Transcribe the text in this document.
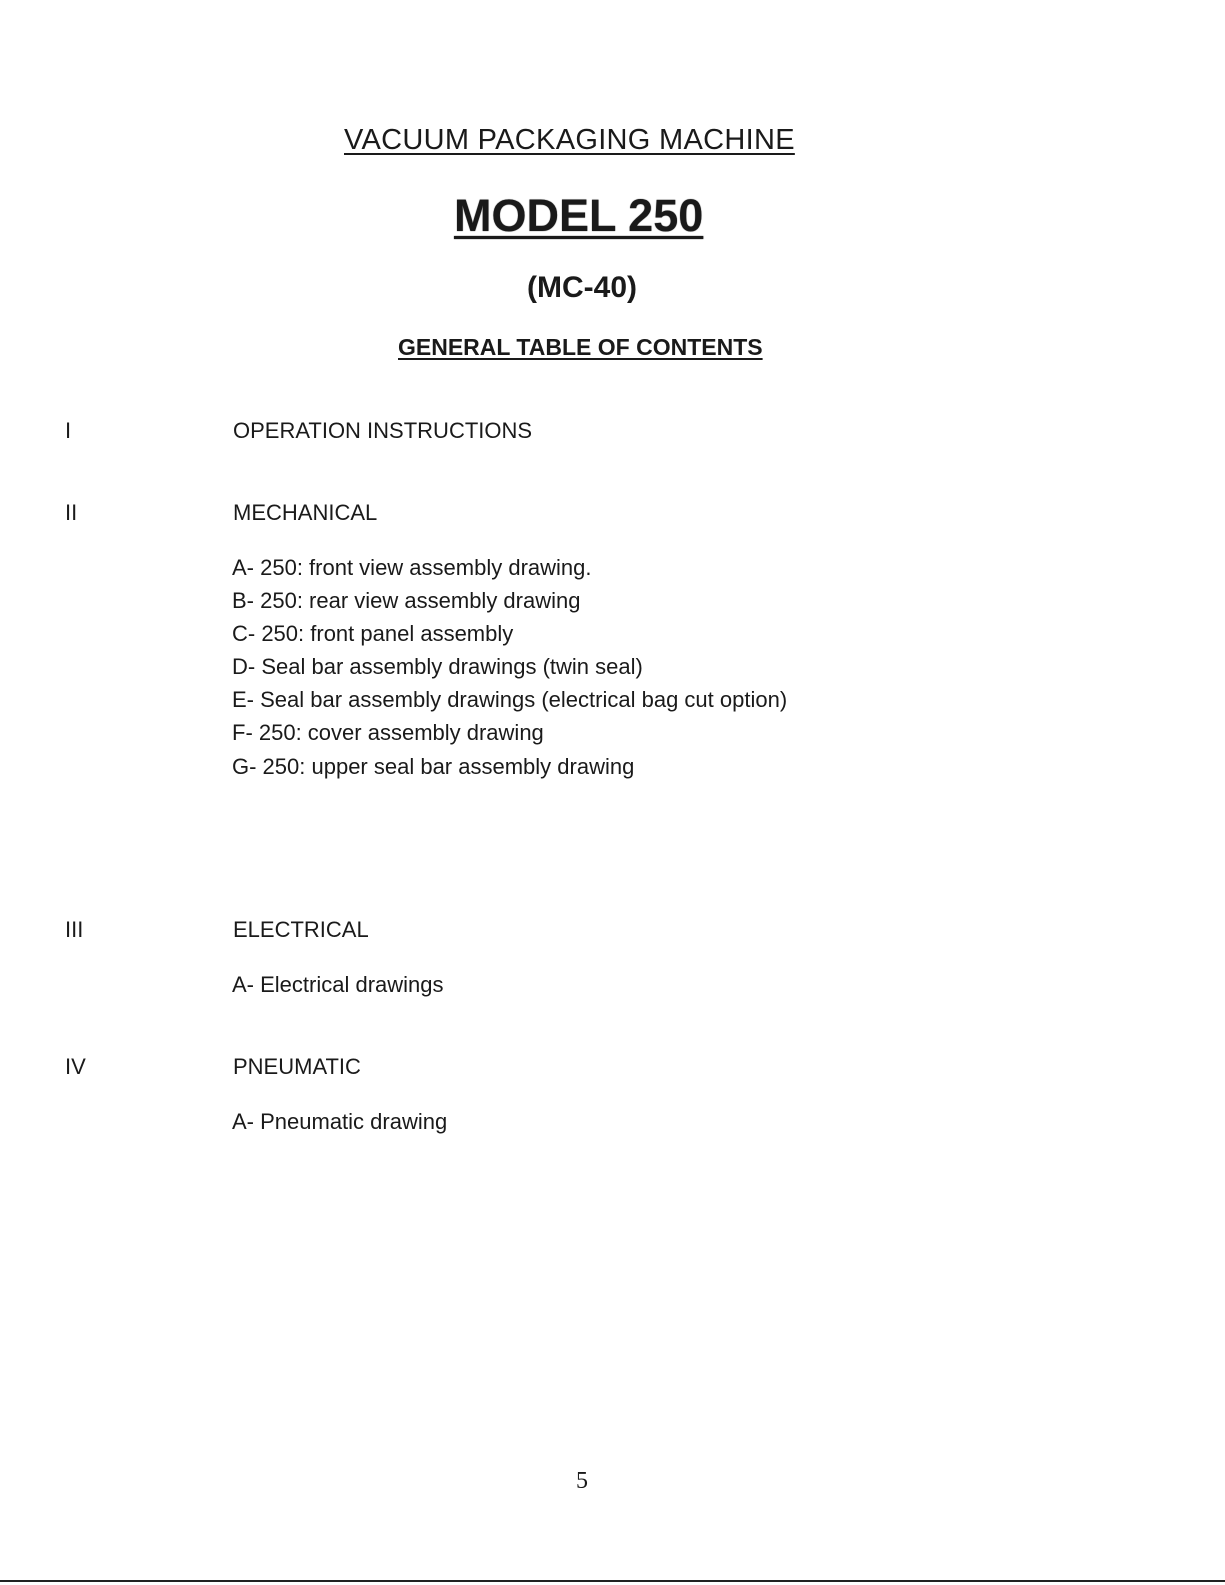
VACUUM PACKAGING MACHINE
MODEL 250
(MC-40)
GENERAL TABLE OF CONTENTS
I	OPERATION INSTRUCTIONS
II	MECHANICAL
A- 250: front view assembly drawing.
B- 250: rear view assembly drawing
C- 250: front panel assembly
D- Seal bar assembly drawings (twin seal)
E- Seal bar assembly drawings (electrical bag cut option)
F- 250: cover assembly drawing
G- 250: upper seal bar assembly drawing
III	ELECTRICAL
A- Electrical drawings
IV	PNEUMATIC
A- Pneumatic drawing
5
